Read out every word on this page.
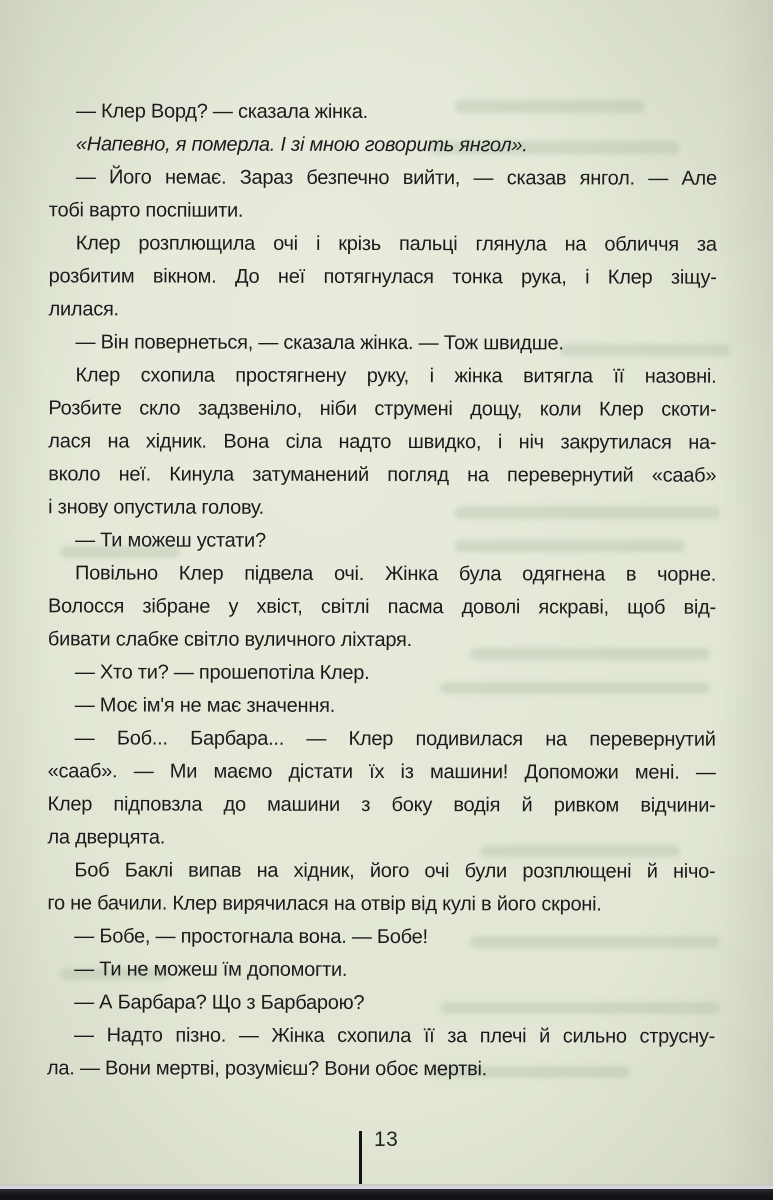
— Клер Ворд? — сказала жінка.
«Напевно, я померла. І зі мною говорить янгол».
— Його немає. Зараз безпечно вийти, — сказав янгол. — Але
тобі варто поспішити.
Клер розплющила очі і крізь пальці глянула на обличчя за
розбитим вікном. До неї потягнулася тонка рука, і Клер зіщу-
лилася.
— Він повернеться, — сказала жінка. — Тож швидше.
Клер схопила простягнену руку, і жінка витягла її назовні.
Розбите скло задзвеніло, ніби струмені дощу, коли Клер скоти-
лася на хідник. Вона сіла надто швидко, і ніч закрутилася на-
вколо неї. Кинула затуманений погляд на перевернутий «сааб»
і знову опустила голову.
— Ти можеш устати?
Повільно Клер підвела очі. Жінка була одягнена в чорне.
Волосся зібране у хвіст, світлі пасма доволі яскраві, щоб від-
бивати слабке світло вуличного ліхтаря.
— Хто ти? — прошепотіла Клер.
— Моє ім'я не має значення.
— Боб... Барбара... — Клер подивилася на перевернутий
«сааб». — Ми маємо дістати їх із машини! Допоможи мені. —
Клер підповзла до машини з боку водія й ривком відчини-
ла дверцята.
Боб Баклі випав на хідник, його очі були розплющені й нічо-
го не бачили. Клер вирячилася на отвір від кулі в його скроні.
— Бобе, — простогнала вона. — Бобе!
— Ти не можеш їм допомогти.
— А Барбара? Що з Барбарою?
— Надто пізно. — Жінка схопила її за плечі й сильно струсну-
ла. — Вони мертві, розумієш? Вони обоє мертві.
13
